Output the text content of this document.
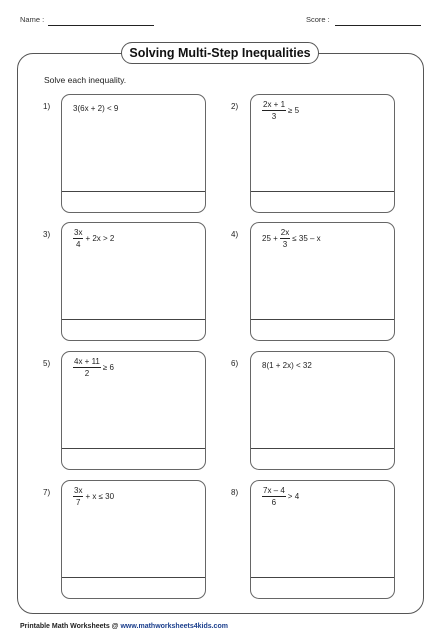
Name :	Score :
Solving Multi-Step Inequalities
Solve each inequality.
1)	3(6x + 2) < 9	2)	$\frac{2x + 1}{3} \ge 5$
3)	$\frac{3x}{4} + 2x > 2$	4)	$25 + \frac{2x}{3} \le 35 - x$
5)	$\frac{4x + 11}{2} \ge 6$	6)	8(1 + 2x) < 32
7)	$\frac{3x}{7} + x \le 30$	8)	$\frac{7x - 4}{6} > 4$
Printable Math Worksheets @ www.mathworksheets4kids.com
